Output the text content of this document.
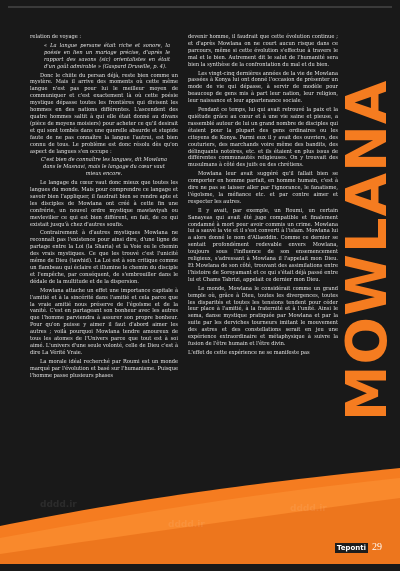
relation de voyage :

« La langue persane était riche et sonore, la poésie en lien un mariage précise, d'après le rapport des savons (sic) orientalistes en était d'un goût admirable » (Gaspard Druwille, p. 4).

Donc le chiite du persan déjà, reste bien comme un mystère. Mais il arrive des moments où cette même langue n'est pas pour lui le meilleur moyen de communiquer et c'est exactement là où cette poésie mystique dépasse toutes les frontières qui divisent les hommes en des nations différentes. L'ascendent des quatre hommes saltit à qui elle était donné au divans (pièce de moyens moisiers) pour acheter ce qu'il desirait et qui sont tombés dans une querelle absurde et stupide faute de ne pas connaître la langue l'autrui, est bien connu de tous. Le problème est donc résolu dès qu'on aspect de langues s'en occupe :

C'est bien de connaître les langues, dit Mowlana dans le Masnavi, mais le langage du cœur vaut mieux encore.

Le langage du cœur vaut donc mieux que toutes les langues du monde. Mais pour comprendre ce langage et savoir bien l'appliquer, il faudrait bien se rendre apte et les disciples de Mowlana ont créé à cette fin une confrérie, un nouvel ordre mystique mawlaviyah ou mevlevilier ce qui est bien différent, en fait, de ce qui existait jusqu'à chez d'autres soufis.

Contrairement à d'autres mystiques Mowlana ne reconnaît pas l'existence pour ainsi dire, d'une ligne de partage entre la Loi (la Sharia) et la Voie ou le chemin des vrais mystiques. Ce que les trouvé c'est l'unicité même de Dieu (tawhid). La Loi est à son critique comme un flambeau qui éclaire et illumine le chemin du disciple et l'empêche, par conséquent, de s'embrouiller dans le dédale de la multitude et de la dispersion.

Mowlana attache un effet une importance capitale à l'amitié et à la sincérité dans l'amitié et cela parce que la vraie amitié nous préserve de l'égoïsme et de la vanité. C'est en partageant son bonheur avec les autres que l'homme parviendra à assurer son propre bonheur. Pour qu'on puisse y aimer il faut d'abord aimer les autres ; voilà pourquoi Mowlana tendre amoureux de tous les atomes de l'Univers parce que tout est à soi aimé. L'univers d'une seule volonté, celle de Dieu c'est à dire La Vérité Vraie.

La morale idéal recherché par Roumi est un monde marqué par l'évolution et basé sur l'humanisme. Puisque l'homme passe plusieurs phases

devenir homme, il faudrait que cette évolution continue ; et d'après Mowlana on ne court aucun risque dans ce parcours, même si cette évolution s'effectue à travers le mal et le bien. Autrement dit le salut de l'humanité sera bien la synthèse de la confrontation du mal et du bien.

Les vingt-cinq dernières années de la vie de Mowlana passées à Konya lui ont donné l'occasion de présenter un mode de vie qui dépasse, à servir de modèle pour beaucoup de gens mis à part leur nation, leur religion, leur naissance et leur appartenance sociale.

Pendant ce temps, lui qui avait retrouvé la paix et la quiétude grâce au cœur et à une vie saine et pieuse, a rassemblé autour de lui un grand nombre de disciples qui étaient pour la plupart des gens ordinaires ou les citoyens de Konya. Parmi eux il y avait des ouvriers, des couturiers, des marchands voire même des bandits, des délinquants notoires, etc. et ils étaient en plus issus de différentes communautés religieuses. On y trouvait des musulmans à côté des juifs ou des chrétiens.

Mowlana leur avait suggéré qu'il fallait bien se comporter en homme parfait, en homme humain, c'est à dire ne pas se laisser aller par l'ignorance, le fanatisme, l'égoïsme, la méfiance etc. et par contre aimer et respecter les autres.

Il y avait, par exemple, un Roumi, un certain Sanayeas qui avait été juge compatible et finalement condamné à mort pour avoir commis un crime. Mowlana lui a sauvé la vie et il s'est converti à l'islam. Mowlana lui a alors donné le nom d'Allaeddin. Comme ce dernier se sentait profondément redevable envers Mowlana, toujours sous l'influence de son ensemencement religieux, s'adressant à Mowlana il l'appelait mon Dieu. Et Mowlana de son côté, trouvant des assimilations entre l'histoire de Soroyamant et ce qui s'était déjà passé entre lui et Chams Tabrizi, appelait ce dernier mon Dieu.

Le monde, Mowlana le considérait comme un grand temple où, grâce à Dieu, toutes les divergences, toutes les disparités et toutes les tensions tendent pour céder leur place à l'amitié, à la fraternité et à l'unité. Ainsi le sema, danse mystique pratiquée par Mowlana et par la suite par les derviches tourneurs imitant le mouvement des astres et des constellations serait en jeu une expérience extraordinaire et métaphysique à suivre la fusion de l'être humain et l'être divin.

L'effet de cette expérience ne se manifeste pas MOWLANA
Teponti 29
dddd.ir
dddd.ir
dddd.ir
